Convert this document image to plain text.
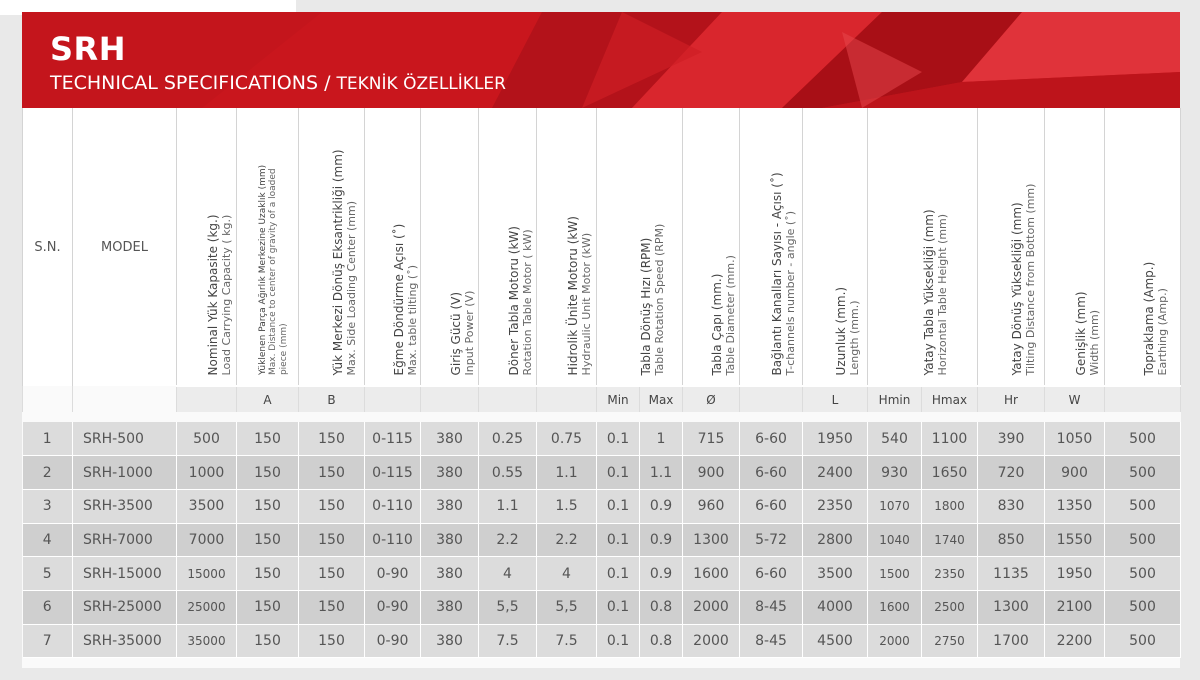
SRH
TECHNICAL SPECIFICATIONS / TEKNİK ÖZELLİKLER
S.N.	MODEL	Nominal Yük Kapasite (kg.) Load Carrying Capacity ( kg.)	Yüklenen Parça Ağırlık Merkezine Uzaklık (mm) Max. Distance to center of gravity of a loaded piece (mm)	Yük Merkezi Dönüş Eksantrikliği (mm) Max. Side Loading Center (mm)	Eğme Döndürme Açısı (˚) Max. table tilting (˚)	Giriş Gücü (V) Input Power (V)	Döner Tabla Motoru (kW) Rotation Table Motor ( kW)	Hidrolik Ünite Motoru (kW) Hydraulic Unit Motor (kW)	Tabla Dönüş Hızı (RPM) Table Rotation Speed (RPM)		Tabla Çapı (mm.) Table Diameter (mm.)	Bağlantı Kanalları Sayısı - Açısı (˚) T-channels number - angle (˚)	Uzunluk (mm.) Length (mm.)	Yatay Tabla Yüksekliği (mm) Horizontal Table Height (mm)		Yatay Dönüş Yüksekliği (mm) Tilting Distance from Bottom (mm)	Genişlik (mm) Width (mm)	Topraklama (Amp.) Earthing (Amp.)

			A	B					Min	Max	Ø		L	Hmin	Hmax	Hr	W	

1	SRH-500	500	150	150	0-115	380	0.25	0.75	0.1	1	715	6-60	1950	540	1100	390	1050	500
2	SRH-1000	1000	150	150	0-115	380	0.55	1.1	0.1	1.1	900	6-60	2400	930	1650	720	900	500
3	SRH-3500	3500	150	150	0-110	380	1.1	1.5	0.1	0.9	960	6-60	2350	1070	1800	830	1350	500
4	SRH-7000	7000	150	150	0-110	380	2.2	2.2	0.1	0.9	1300	5-72	2800	1040	1740	850	1550	500
5	SRH-15000	15000	150	150	0-90	380	4	4	0.1	0.9	1600	6-60	3500	1500	2350	1135	1950	500
6	SRH-25000	25000	150	150	0-90	380	5,5	5,5	0.1	0.8	2000	8-45	4000	1600	2500	1300	2100	500
7	SRH-35000	35000	150	150	0-90	380	7.5	7.5	0.1	0.8	2000	8-45	4500	2000	2750	1700	2200	500
